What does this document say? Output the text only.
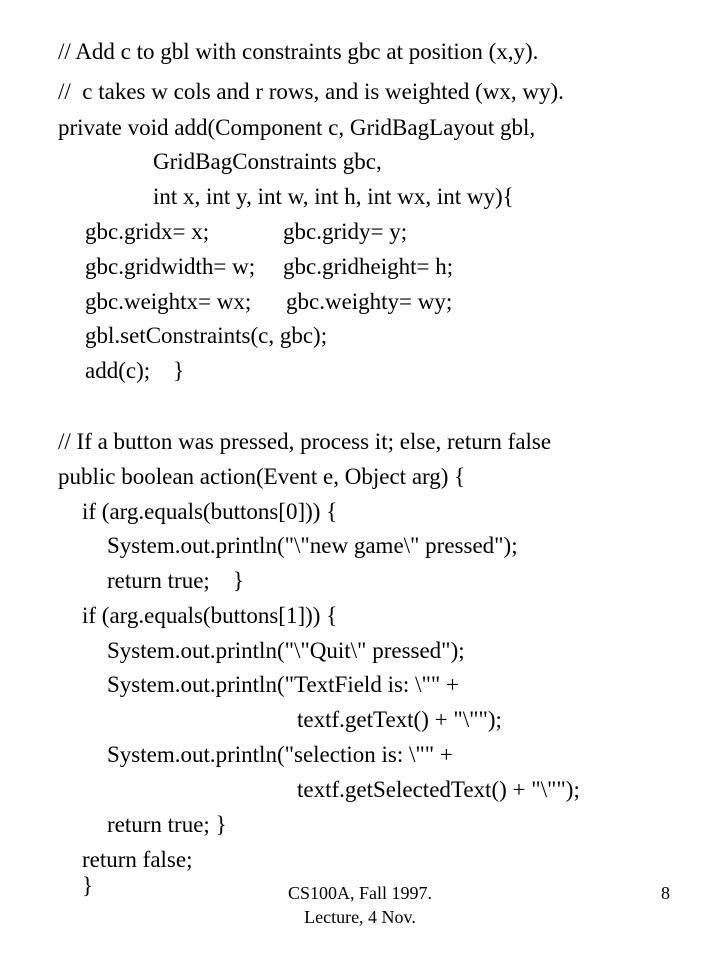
// Add c to gbl with constraints gbc at position (x,y).
//  c takes w cols and r rows, and is weighted (wx, wy).
private void add(Component c, GridBagLayout gbl,
GridBagConstraints gbc,
int x, int y, int w, int h, int wx, int wy){

gbc.gridx= x;

	gbc.gridy= y;

gbc.gridwidth= w;

gbc.gridheight= h;

gbc.weightx= wx;

gbc.weighty= wy;

gbl.setConstraints(c, gbc);
add(c);    }
// If a button was pressed, process it; else, return false
public boolean action(Event e, Object arg) {
if (arg.equals(buttons[0])) {
System.out.println("\"new game\" pressed");
return true;    }
if (arg.equals(buttons[1])) {
System.out.println("\"Quit\" pressed");
System.out.println("TextField is: \"" +
textf.getText() + "\"");
System.out.println("selection is: \"" +
textf.getSelectedText() + "\"");
return true; }
return false;
}	CS100A, Fall 1997.
Lecture, 4 Nov.
8
